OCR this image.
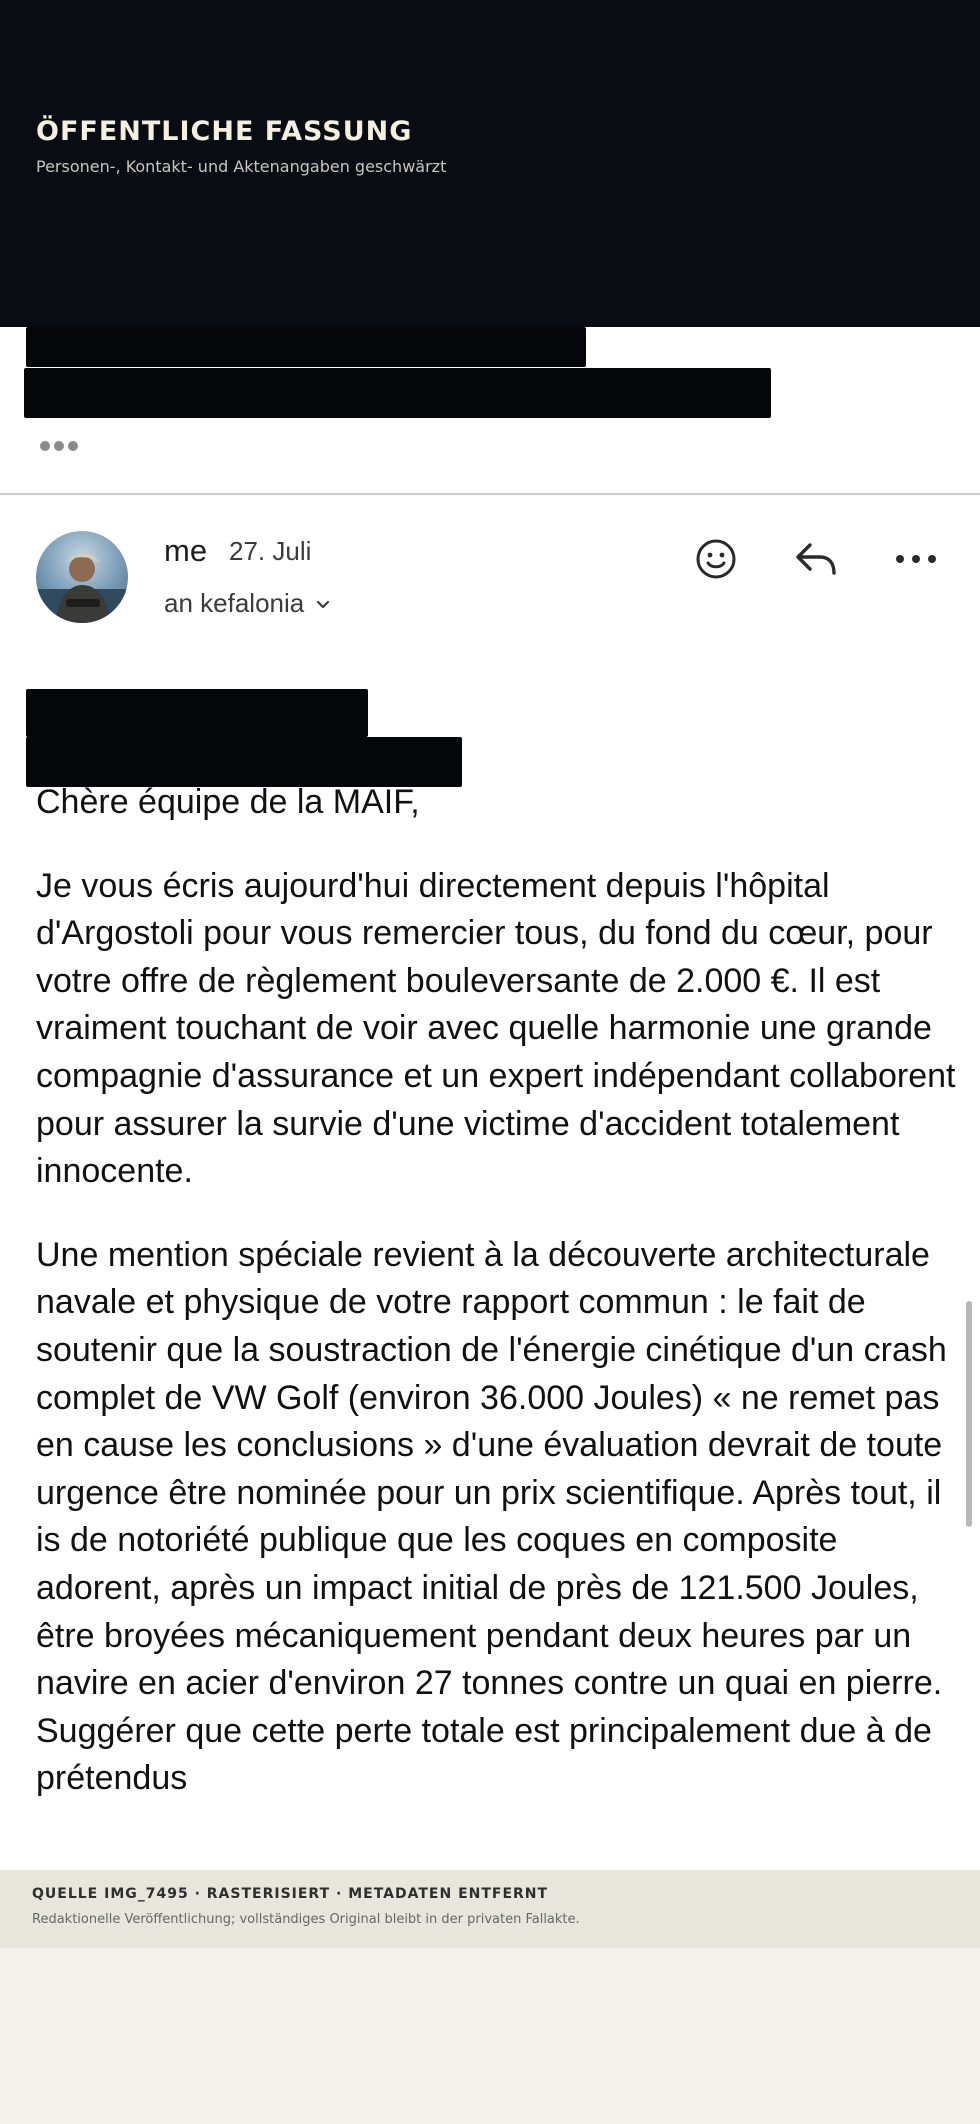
ÖFFENTLICHE FASSUNG
Personen-, Kontakt- und Aktenangaben geschwärzt
me 27. Juli
an kefalonia

Chère équipe de la MAIF,

Je vous écris aujourd'hui directement depuis l'hôpital d'Argostoli pour vous remercier tous, du fond du cœur, pour votre offre de règlement bouleversante de 2.000 €. Il est vraiment touchant de voir avec quelle harmonie une grande compagnie d'assurance et un expert indépendant collaborent pour assurer la survie d'une victime d'accident totalement innocente.

Une mention spéciale revient à la découverte architecturale navale et physique de votre rapport commun : le fait de soutenir que la soustraction de l'énergie cinétique d'un crash complet de VW Golf (environ 36.000 Joules) « ne remet pas en cause les conclusions » d'une évaluation devrait de toute urgence être nominée pour un prix scientifique. Après tout, il is de notoriété publique que les coques en composite adorent, après un impact initial de près de 121.500 Joules, être broyées mécaniquement pendant deux heures par un navire en acier d'environ 27 tonnes contre un quai en pierre. Suggérer que cette perte totale est principalement due à de prétendus

QUELLE IMG_7495 · RASTERISIERT · METADATEN ENTFERNT
Redaktionelle Veröffentlichung; vollständiges Original bleibt in der privaten Fallakte.
